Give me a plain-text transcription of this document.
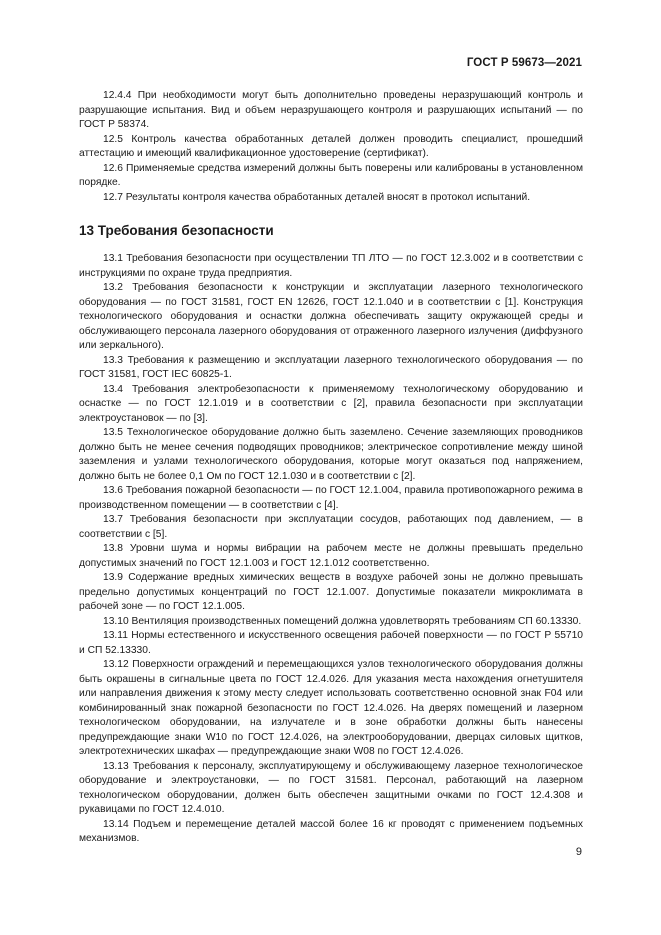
ГОСТ Р 59673—2021

12.4.4 При необходимости могут быть дополнительно проведены неразрушающий контроль и разрушающие испытания. Вид и объем неразрушающего контроля и разрушающих испытаний — по ГОСТ Р 58374.

12.5 Контроль качества обработанных деталей должен проводить специалист, прошедший аттестацию и имеющий квалификационное удостоверение (сертификат).

12.6 Применяемые средства измерений должны быть поверены или калиброваны в установленном порядке.

12.7 Результаты контроля качества обработанных деталей вносят в протокол испытаний.

13 Требования безопасности

13.1 Требования безопасности при осуществлении ТП ЛТО — по ГОСТ 12.3.002 и в соответствии с инструкциями по охране труда предприятия.

13.2 Требования безопасности к конструкции и эксплуатации лазерного технологического оборудования — по ГОСТ 31581, ГОСТ EN 12626, ГОСТ 12.1.040 и в соответствии с [1]. Конструкция технологического оборудования и оснастки должна обеспечивать защиту окружающей среды и обслуживающего персонала лазерного оборудования от отраженного лазерного излучения (диффузного или зеркального).

13.3 Требования к размещению и эксплуатации лазерного технологического оборудования — по ГОСТ 31581, ГОСТ IEC 60825-1.

13.4 Требования электробезопасности к применяемому технологическому оборудованию и оснастке — по ГОСТ 12.1.019 и в соответствии с [2], правила безопасности при эксплуатации электроустановок — по [3].

13.5 Технологическое оборудование должно быть заземлено. Сечение заземляющих проводников должно быть не менее сечения подводящих проводников; электрическое сопротивление между шиной заземления и узлами технологического оборудования, которые могут оказаться под напряжением, должно быть не более 0,1 Ом по ГОСТ 12.1.030 и в соответствии с [2].

13.6 Требования пожарной безопасности — по ГОСТ 12.1.004, правила противопожарного режима в производственном помещении — в соответствии с [4].

13.7 Требования безопасности при эксплуатации сосудов, работающих под давлением, — в соответствии с [5].

13.8 Уровни шума и нормы вибрации на рабочем месте не должны превышать предельно допустимых значений по ГОСТ 12.1.003 и ГОСТ 12.1.012 соответственно.

13.9 Содержание вредных химических веществ в воздухе рабочей зоны не должно превышать предельно допустимых концентраций по ГОСТ 12.1.007. Допустимые показатели микроклимата в рабочей зоне — по ГОСТ 12.1.005.

13.10 Вентиляция производственных помещений должна удовлетворять требованиям СП 60.13330.

13.11 Нормы естественного и искусственного освещения рабочей поверхности — по ГОСТ Р 55710 и СП 52.13330.

13.12 Поверхности ограждений и перемещающихся узлов технологического оборудования должны быть окрашены в сигнальные цвета по ГОСТ 12.4.026. Для указания места нахождения огнетушителя или направления движения к этому месту следует использовать соответственно основной знак F04 или комбинированный знак пожарной безопасности по ГОСТ 12.4.026. На дверях помещений и лазерном технологическом оборудовании, на излучателе и в зоне обработки должны быть нанесены предупреждающие знаки W10 по ГОСТ 12.4.026, на электрооборудовании, дверцах силовых щитков, электротехнических шкафах — предупреждающие знаки W08 по ГОСТ 12.4.026.

13.13 Требования к персоналу, эксплуатирующему и обслуживающему лазерное технологическое оборудование и электроустановки, — по ГОСТ 31581. Персонал, работающий на лазерном технологическом оборудовании, должен быть обеспечен защитными очками по ГОСТ 12.4.308 и рукавицами по ГОСТ 12.4.010.

13.14 Подъем и перемещение деталей массой более 16 кг проводят с применением подъемных механизмов.

9
